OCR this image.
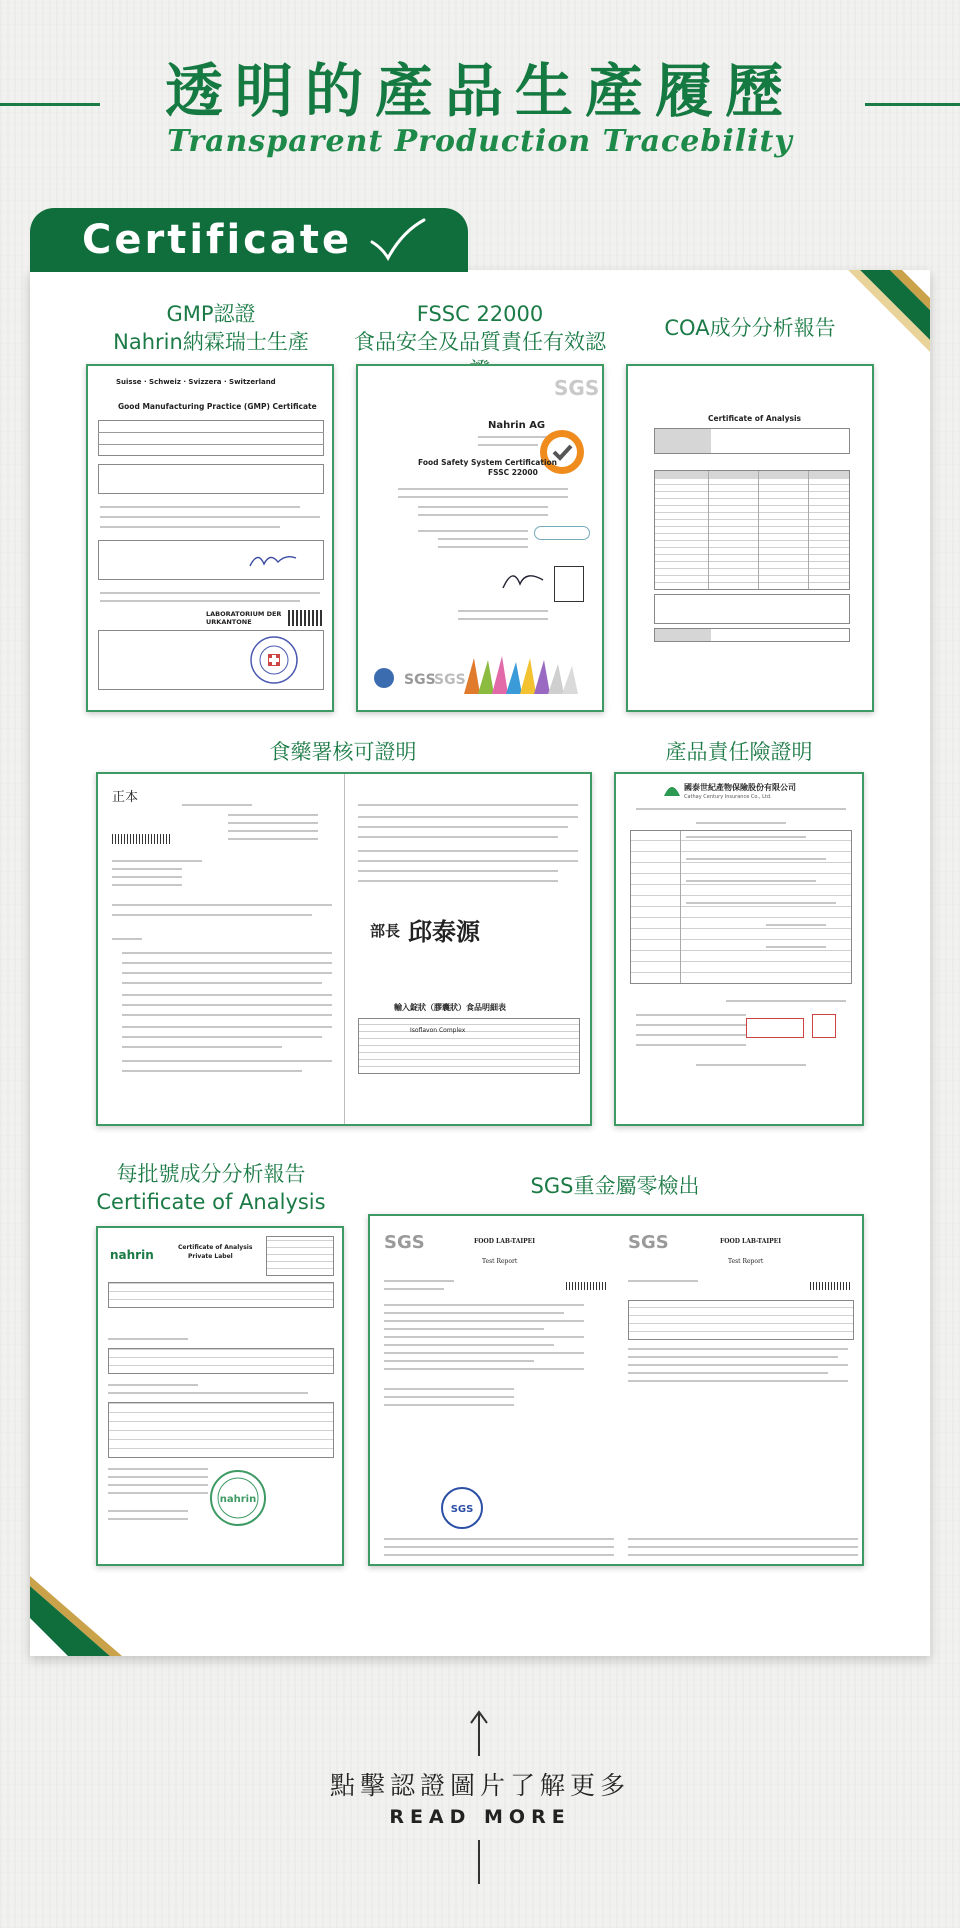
透明的產品生產履歷
Transparent Production Tracebility
Certificate
GMP認證
Nahrin納霖瑞士生產
FSSC 22000
食品安全及品質責任有效認
COA成分分析報告
Suisse · Schweiz · Svizzera · Switzerland
Good Manufacturing Practice (GMP) Certificate
LABORATORIUM DER URKANTONE
SGS
Nahrin AG
Food Safety System Certification
FSSC 22000
SGS
SGS
Certificate of Analysis
食藥署核可證明	產品責任險證明
正本
部長 邱泰源
輸入錠狀（膠囊狀）食品明細表
Isoflavon Complex
國泰世紀產物保險股份有限公司
Cathay Century Insurance Co., Ltd.
每批號成分分析報告
Certificate of Analysis
SGS重金屬零檢出
nahrin
Certificate of Analysis
Private Label
nahrin
SGS	FOOD LAB-TAIPEI
Test Report
SGS
SGS	FOOD LAB-TAIPEI
Test Report
點擊認證圖片了解更多
READ MORE
